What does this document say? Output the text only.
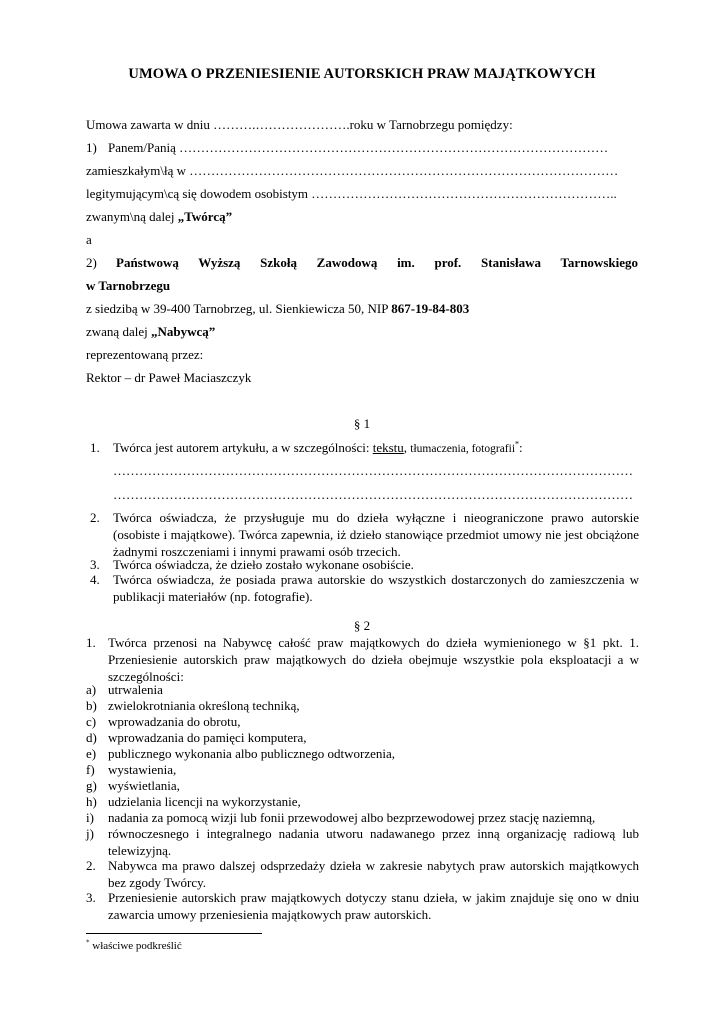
UMOWA O PRZENIESIENIE AUTORSKICH PRAW MAJĄTKOWYCH
Umowa zawarta w dniu ……….………………….roku w Tarnobrzegu pomiędzy:
1) Panem/Panią ………………………………………………………………………………………
zamieszkałym\łą w ………………………………………………………………………………………
legitymującym\cą się dowodem osobistym ……………………………………………………………..
zwanym\ną dalej „Twórcą”
a
2) Państwową Wyższą Szkołą Zawodową im. prof. Stanisława Tarnowskiego
w Tarnobrzegu
z siedzibą w 39-400 Tarnobrzeg, ul. Sienkiewicza 50, NIP 867-19-84-803
zwaną dalej „Nabywcą”
reprezentowaną przez:
Rektor – dr Paweł Maciaszczyk
§ 1
1. Twórca jest autorem artykułu, a w szczególności: tekstu, tłumaczenia, fotografii*:
…………………………………………………………………………………………………………
…………………………………………………………………………………………………………
2. Twórca oświadcza, że przysługuje mu do dzieła wyłączne i nieograniczone prawo autorskie (osobiste i majątkowe). Twórca zapewnia, iż dzieło stanowiące przedmiot umowy nie jest obciążone żadnymi roszczeniami i innymi prawami osób trzecich.
3. Twórca oświadcza, że dzieło zostało wykonane osobiście.
4. Twórca oświadcza, że posiada prawa autorskie do wszystkich dostarczonych do zamieszczenia w publikacji materiałów (np. fotografie).
§ 2
1. Twórca przenosi na Nabywcę całość praw majątkowych do dzieła wymienionego w §1 pkt. 1. Przeniesienie autorskich praw majątkowych do dzieła obejmuje wszystkie pola eksploatacji a w szczególności:
a) utrwalenia
b) zwielokrotniania określoną techniką,
c) wprowadzania do obrotu,
d) wprowadzania do pamięci komputera,
e) publicznego wykonania albo publicznego odtworzenia,
f) wystawienia,
g) wyświetlania,
h) udzielania licencji na wykorzystanie,
i) nadania za pomocą wizji lub fonii przewodowej albo bezprzewodowej przez stację naziemną,
j) równoczesnego i integralnego nadania utworu nadawanego przez inną organizację radiową lub telewizyjną.
2. Nabywca ma prawo dalszej odsprzedaży dzieła w zakresie nabytych praw autorskich majątkowych bez zgody Twórcy.
3. Przeniesienie autorskich praw majątkowych dotyczy stanu dzieła, w jakim znajduje się ono w dniu zawarcia umowy przeniesienia majątkowych praw autorskich.
* właściwe podkreślić
